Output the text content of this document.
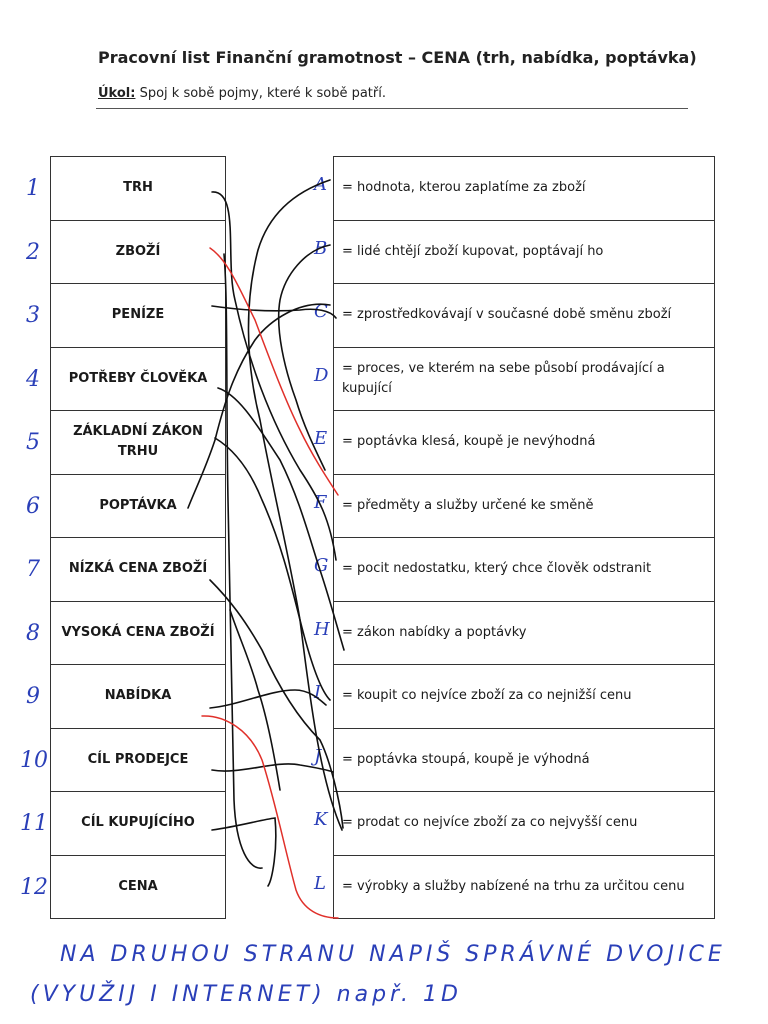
Pracovní list Finanční gramotnost – CENA (trh, nabídka, poptávka)
Úkol: Spoj k sobě pojmy, které k sobě patří.
TRH
ZBOŽÍ
PENÍZE
POTŘEBY ČLOVĚKA
ZÁKLADNÍ ZÁKON TRHU
POPTÁVKA
NÍZKÁ CENA ZBOŽÍ
VYSOKÁ CENA ZBOŽÍ
NABÍDKA
CÍL PRODEJCE
CÍL KUPUJÍCÍHO
CENA
= hodnota, kterou zaplatíme za zboží
= lidé chtějí zboží kupovat, poptávají ho
= zprostředkovávají v současné době směnu zboží
= proces, ve kterém na sebe působí prodávající a kupující
= poptávka klesá, koupě je nevýhodná
= předměty a služby určené ke směně
= pocit nedostatku, který chce člověk odstranit
= zákon nabídky a poptávky
= koupit co nejvíce zboží za co nejnižší cenu
= poptávka stoupá, koupě je výhodná
= prodat co nejvíce zboží za co nejvyšší cenu
= výrobky a služby nabízené na trhu za určitou cenu
1
2
3
4
5
6
7
8
9
10
11
12
A
B
C
D
E
F
G
H
I
J
K
L
NA DRUHOU STRANU NAPIŠ SPRÁVNÉ DVOJICE
(VYUŽIJ I INTERNET) např. 1D
